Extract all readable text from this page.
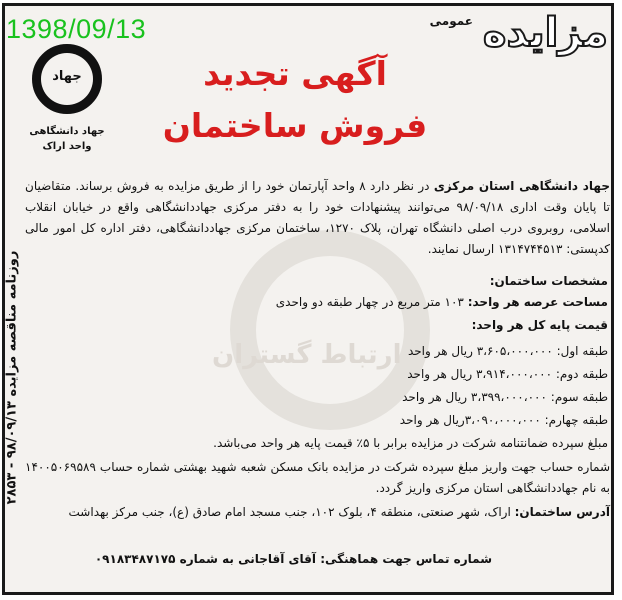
ارتباط گستران
1398/09/13	عمومی مزایده
جهاد
جهاد دانشگاهی
واحد اراک
آگهی تجدید
فروش ساختمان
روزنامه مناقصه مزایده ۹۸/۰۹/۱۳ - ۲۸۵۳
جهاد دانشگاهی استان مرکزی در نظر دارد ۸ واحد آپارتمان خود را از طریق مزایده به فروش برساند. متقاضیان تا پایان وقت اداری ۹۸/۰۹/۱۸ می‌توانند پیشنهادات خود را به دفتر مرکزی جهاددانشگاهی واقع در خیابان انقلاب اسلامی، روبروی درب اصلی دانشگاه تهران، پلاک ۱۲۷۰، ساختمان مرکزی جهاددانشگاهی، دفتر اداره کل امور مالی کدپستی: ۱۳۱۴۷۴۴۵۱۳ ارسال نمایند.
مشخصات ساختمان:
مساحت عرصه هر واحد: ۱۰۳ متر مربع در چهار طبقه دو واحدی
قیمت پایه کل هر واحد:
طبقه اول: ۳،۶۰۵،۰۰۰،۰۰۰ ریال هر واحد
طبقه دوم: ۳،۹۱۴،۰۰۰،۰۰۰ ریال هر واحد
طبقه سوم: ۳،۳۹۹،۰۰۰،۰۰۰ ریال هر واحد
طبقه چهارم: ۳،۰۹۰،۰۰۰،۰۰۰ریال هر واحد
مبلغ سپرده ضمانتنامه شرکت در مزایده برابر با ۵٪ قیمت پایه هر واحد می‌باشد.
شماره حساب جهت واریز مبلغ سپرده شرکت در مزایده بانک مسکن شعبه شهید بهشتی شماره حساب ۱۴۰۰۵۰۶۹۵۸۹ به نام جهاددانشگاهی استان مرکزی واریز گردد.
آدرس ساختمان: اراک، شهر صنعتی، منطقه ۴، بلوک ۱۰۲، جنب مسجد امام صادق (ع)، جنب مرکز بهداشت
شماره تماس جهت هماهنگی: آقای آقاجانی به شماره ۰۹۱۸۳۴۸۷۱۷۵
